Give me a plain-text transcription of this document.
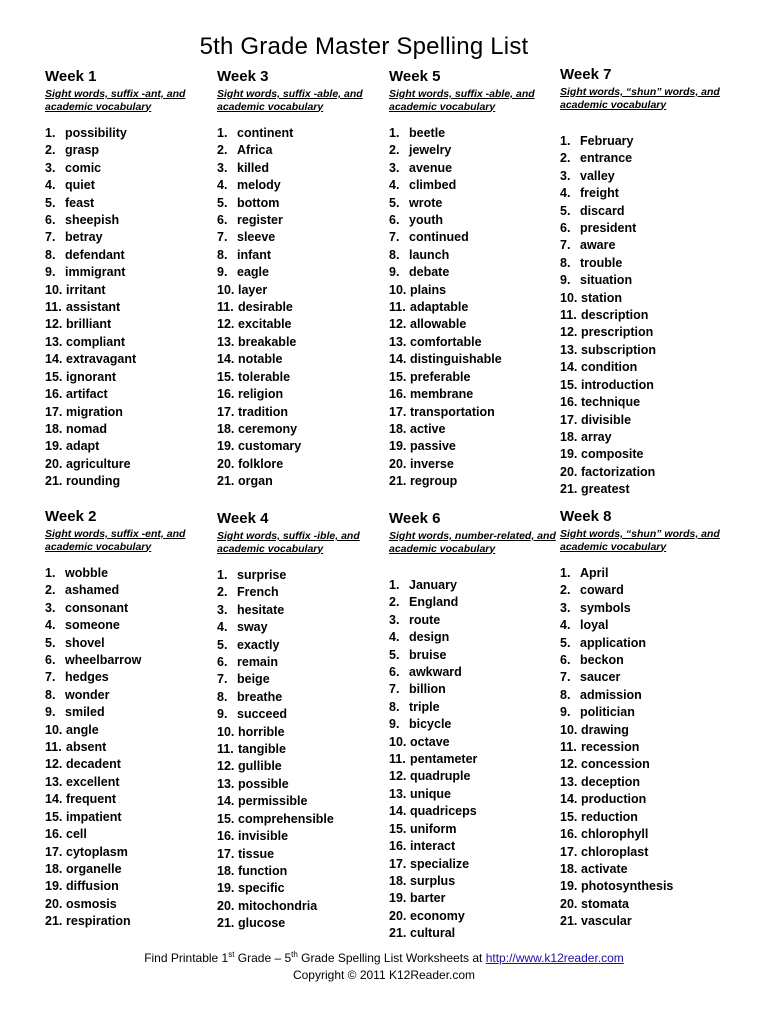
5th Grade Master Spelling List
Week 1
Sight words, suffix -ant, and academic vocabulary
1. possibility
2. grasp
3. comic
4. quiet
5. feast
6. sheepish
7. betray
8. defendant
9. immigrant
10. irritant
11. assistant
12. brilliant
13. compliant
14. extravagant
15. ignorant
16. artifact
17. migration
18. nomad
19. adapt
20. agriculture
21. rounding
Week 3
Sight words, suffix -able, and academic vocabulary
1. continent
2. Africa
3. killed
4. melody
5. bottom
6. register
7. sleeve
8. infant
9. eagle
10. layer
11. desirable
12. excitable
13. breakable
14. notable
15. tolerable
16. religion
17. tradition
18. ceremony
19. customary
20. folklore
21. organ
Week 5
Sight words, suffix -able, and academic vocabulary
1. beetle
2. jewelry
3. avenue
4. climbed
5. wrote
6. youth
7. continued
8. launch
9. debate
10. plains
11. adaptable
12. allowable
13. comfortable
14. distinguishable
15. preferable
16. membrane
17. transportation
18. active
19. passive
20. inverse
21. regroup
Week 7
Sight words, “shun” words, and academic vocabulary
1. February
2. entrance
3. valley
4. freight
5. discard
6. president
7. aware
8. trouble
9. situation
10. station
11. description
12. prescription
13. subscription
14. condition
15. introduction
16. technique
17. divisible
18. array
19. composite
20. factorization
21. greatest
Week 2
Sight words, suffix -ent, and academic vocabulary
1. wobble
2. ashamed
3. consonant
4. someone
5. shovel
6. wheelbarrow
7. hedges
8. wonder
9. smiled
10. angle
11. absent
12. decadent
13. excellent
14. frequent
15. impatient
16. cell
17. cytoplasm
18. organelle
19. diffusion
20. osmosis
21. respiration
Week 4
Sight words, suffix -ible, and academic vocabulary
1. surprise
2. French
3. hesitate
4. sway
5. exactly
6. remain
7. beige
8. breathe
9. succeed
10. horrible
11. tangible
12. gullible
13. possible
14. permissible
15. comprehensible
16. invisible
17. tissue
18. function
19. specific
20. mitochondria
21. glucose
Week 6
Sight words, number-related, and academic vocabulary
1. January
2. England
3. route
4. design
5. bruise
6. awkward
7. billion
8. triple
9. bicycle
10. octave
11. pentameter
12. quadruple
13. unique
14. quadriceps
15. uniform
16. interact
17. specialize
18. surplus
19. barter
20. economy
21. cultural
Week 8
Sight words, “shun” words, and academic vocabulary
1. April
2. coward
3. symbols
4. loyal
5. application
6. beckon
7. saucer
8. admission
9. politician
10. drawing
11. recession
12. concession
13. deception
14. production
15. reduction
16. chlorophyll
17. chloroplast
18. activate
19. photosynthesis
20. stomata
21. vascular
Find Printable 1st Grade – 5th Grade Spelling List Worksheets at http://www.k12reader.com
Copyright © 2011 K12Reader.com
